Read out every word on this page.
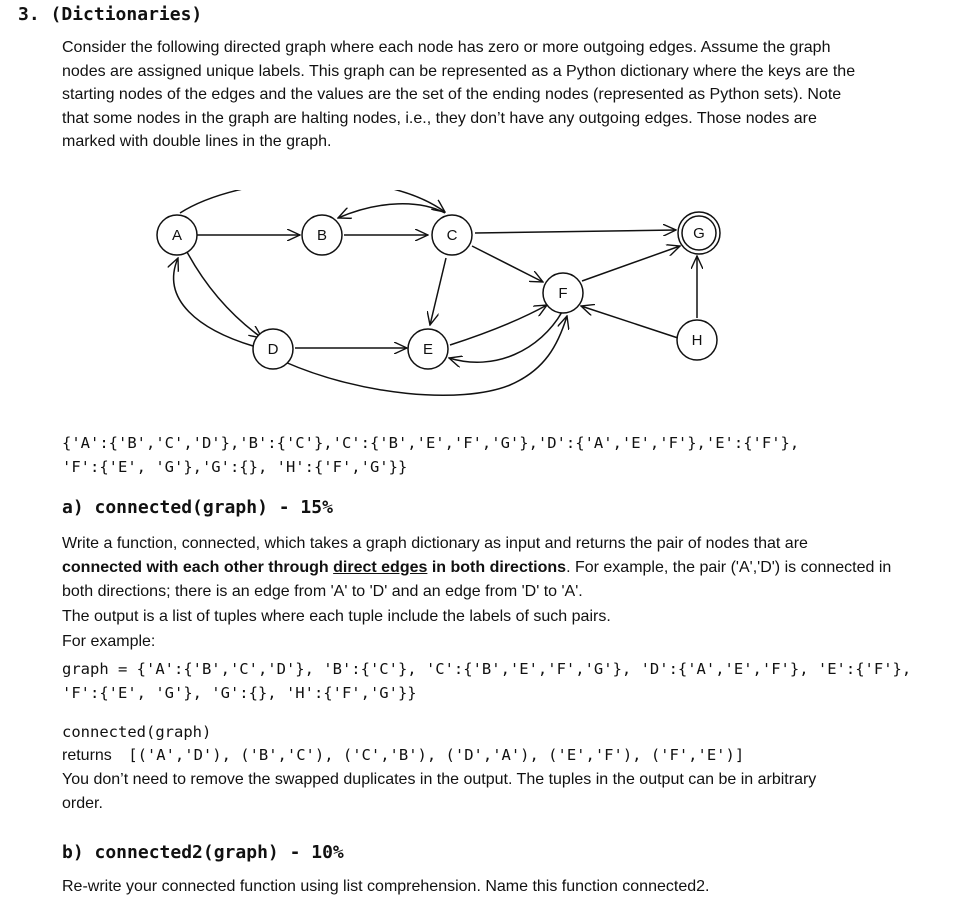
3. (Dictionaries)
Consider the following directed graph where each node has zero or more outgoing edges. Assume the graph
nodes are assigned unique labels. This graph can be represented as a Python dictionary where the keys are the
starting nodes of the edges and the values are the set of the ending nodes (represented as Python sets). Note
that some nodes in the graph are halting nodes, i.e., they don’t have any outgoing edges. Those nodes are
marked with double lines in the graph.
A	B	C
D	E
F
G
H
{'A':{'B','C','D'},'B':{'C'},'C':{'B','E','F','G'},'D':{'A','E','F'},'E':{'F'},
'F':{'E', 'G'},'G':{}, 'H':{'F','G'}}
a) connected(graph) - 15%
Write a function, connected, which takes a graph dictionary as input and returns the pair of nodes that are
connected with each other through direct edges in both directions. For example, the pair ('A','D') is connected in
both directions; there is an edge from 'A' to 'D' and an edge from 'D' to 'A'.
The output is a list of tuples where each tuple include the labels of such pairs.
For example:
graph = {'A':{'B','C','D'}, 'B':{'C'}, 'C':{'B','E','F','G'}, 'D':{'A','E','F'}, 'E':{'F'},
'F':{'E', 'G'}, 'G':{}, 'H':{'F','G'}}
connected(graph)
returns [('A','D'), ('B','C'), ('C','B'), ('D','A'), ('E','F'), ('F','E')]
You don’t need to remove the swapped duplicates in the output. The tuples in the output can be in arbitrary
order.
b) connected2(graph) - 10%
Re-write your connected function using list comprehension. Name this function connected2.
